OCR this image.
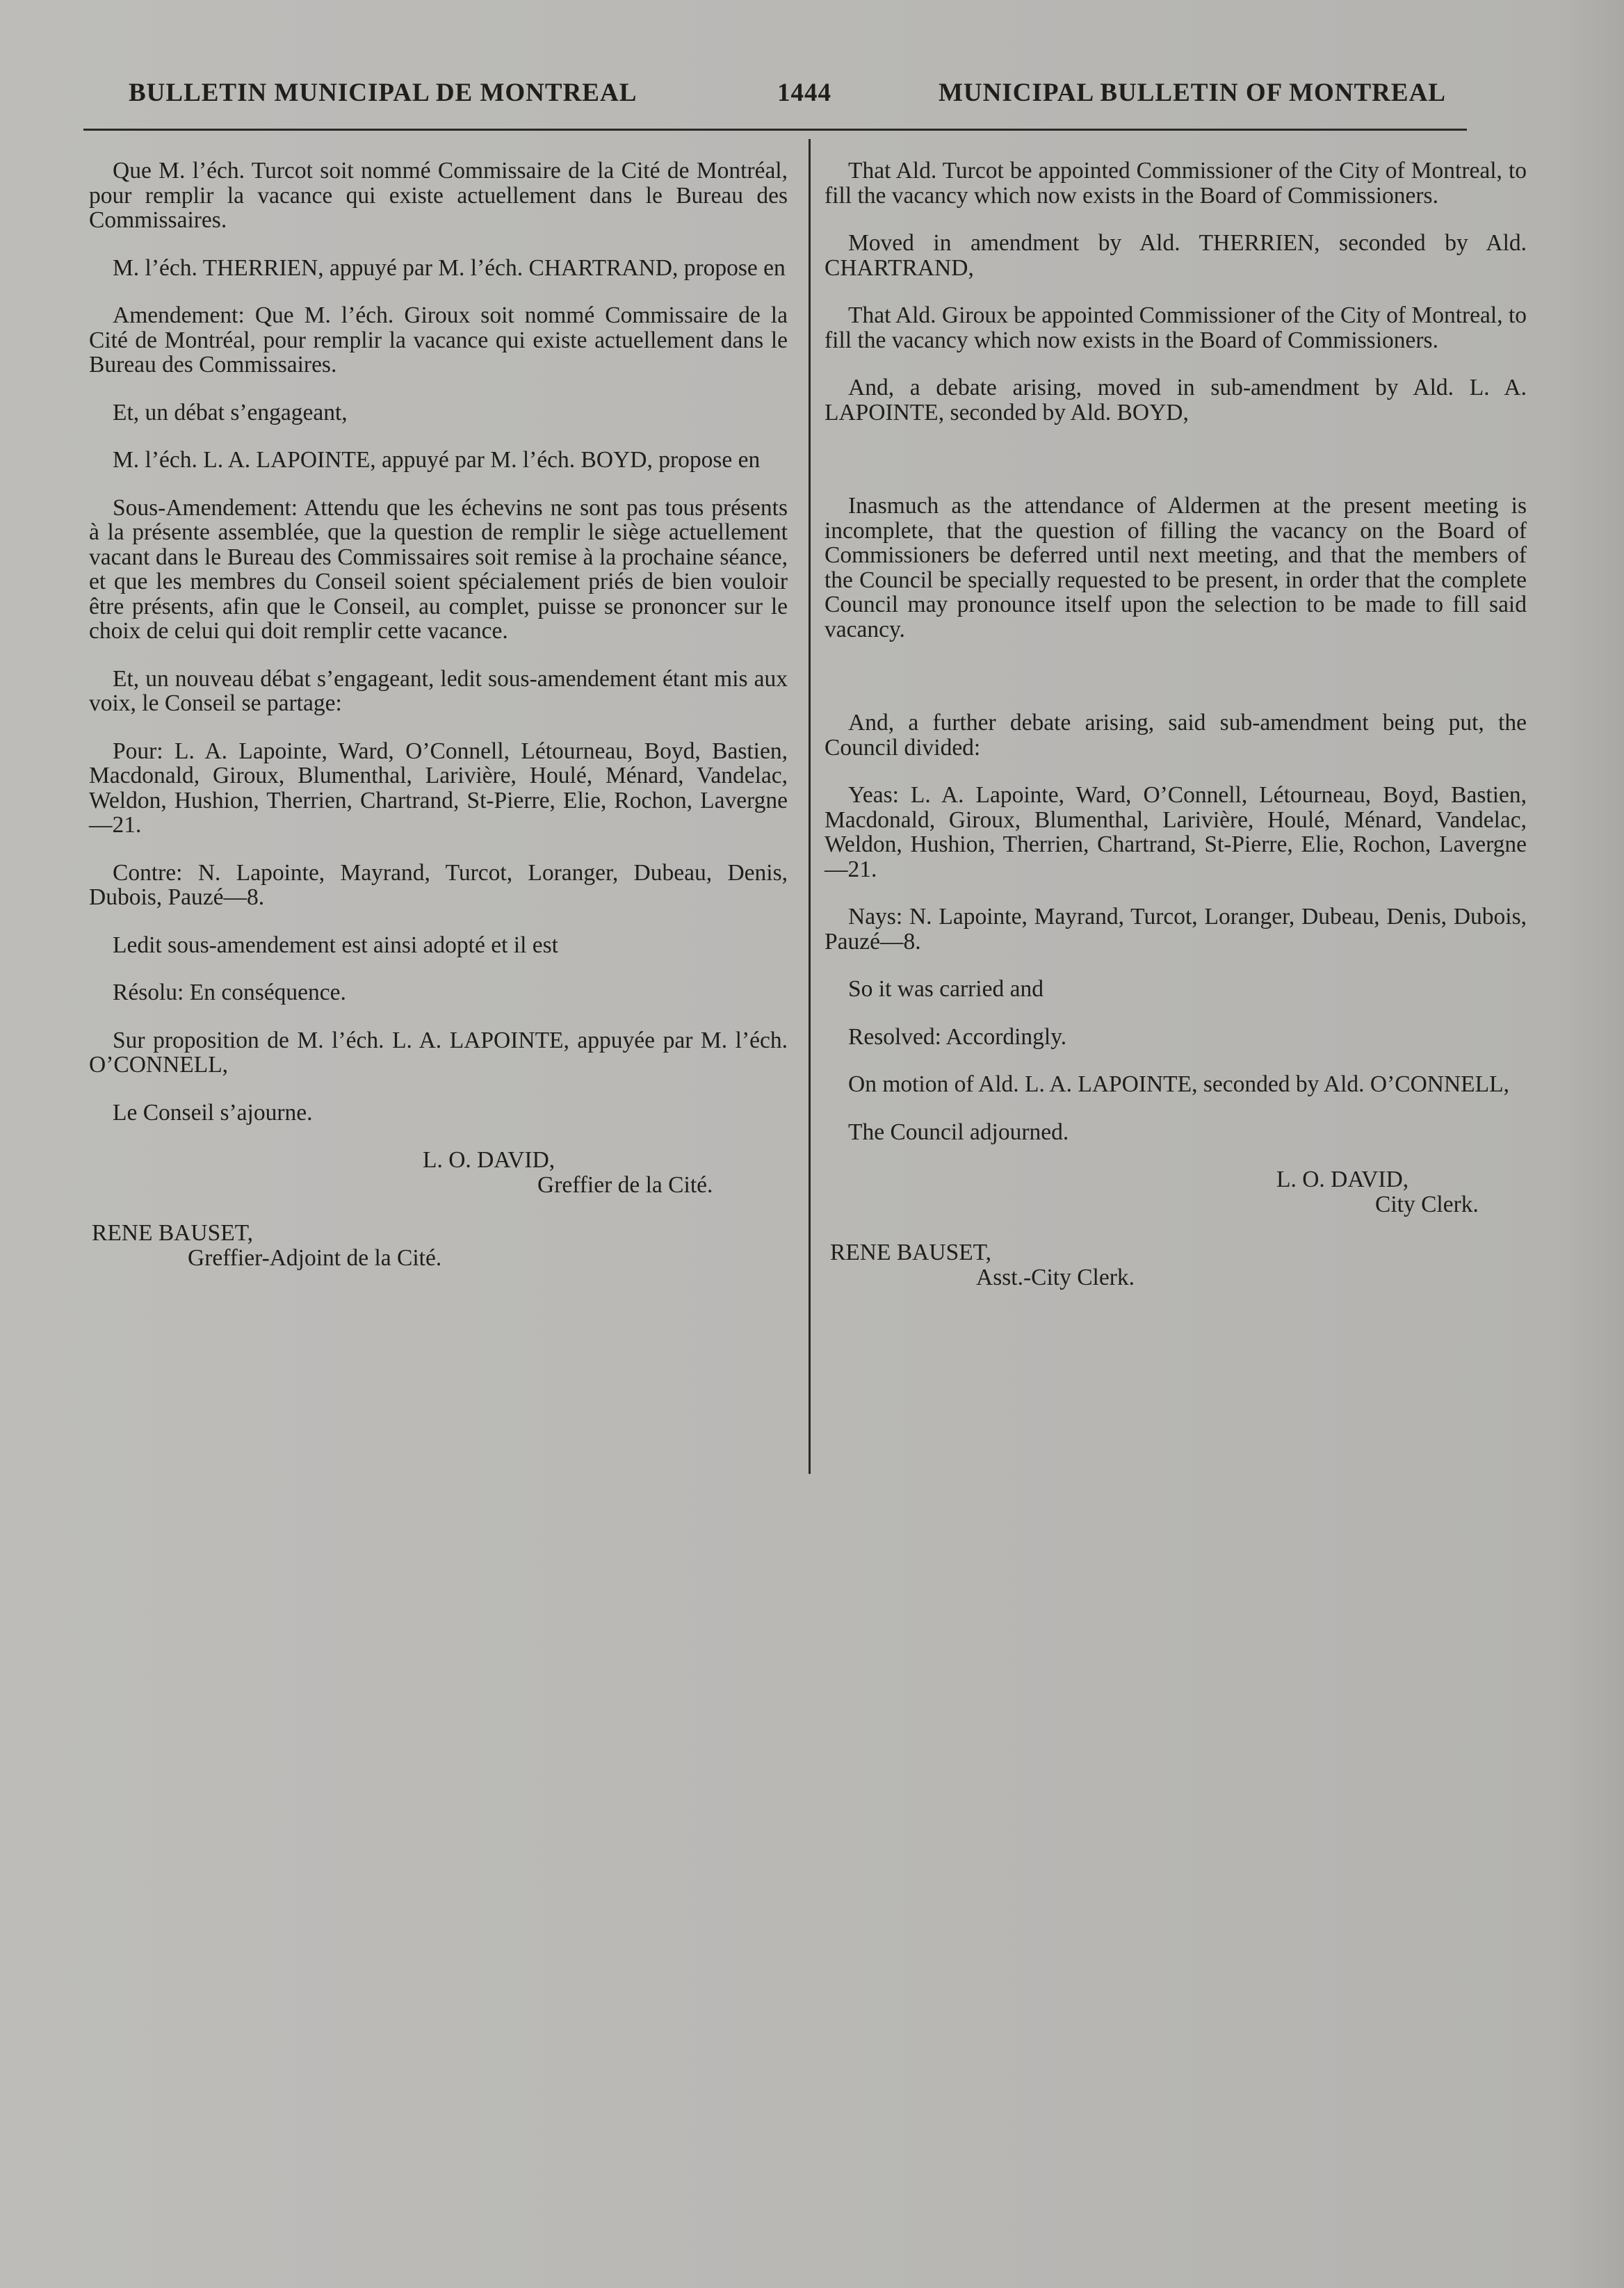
BULLETIN MUNICIPAL DE MONTREAL	1444	MUNICIPAL BULLETIN OF MONTREAL

Que M. l’éch. Turcot soit nommé Commissaire de la Cité de Montréal, pour remplir la vacance qui existe actuellement dans le Bureau des Commissaires.

M. l’éch. THERRIEN, appuyé par M. l’éch. CHARTRAND, propose en

Amendement: Que M. l’éch. Giroux soit nommé Commissaire de la Cité de Montréal, pour remplir la vacance qui existe actuellement dans le Bureau des Commissaires.

Et, un débat s’engageant,

M. l’éch. L. A. LAPOINTE, appuyé par M. l’éch. BOYD, propose en

Sous-Amendement: Attendu que les échevins ne sont pas tous présents à la présente assemblée, que la question de remplir le siège actuellement vacant dans le Bureau des Commissaires soit remise à la prochaine séance, et que les membres du Conseil soient spécialement priés de bien vouloir être présents, afin que le Conseil, au complet, puisse se prononcer sur le choix de celui qui doit remplir cette vacance.

Et, un nouveau débat s’engageant, ledit sous-amendement étant mis aux voix, le Conseil se partage:

Pour: L. A. Lapointe, Ward, O’Connell, Létourneau, Boyd, Bastien, Macdonald, Giroux, Blumenthal, Larivière, Houlé, Ménard, Vandelac, Weldon, Hushion, Therrien, Chartrand, St-Pierre, Elie, Rochon, Lavergne—21.

Contre: N. Lapointe, Mayrand, Turcot, Loranger, Dubeau, Denis, Dubois, Pauzé—8.

Ledit sous-amendement est ainsi adopté et il est

Résolu: En conséquence.

Sur proposition de M. l’éch. L. A. LAPOINTE, appuyée par M. l’éch. O’CONNELL,

Le Conseil s’ajourne.

L. O. DAVID,

Greffier de la Cité.

RENE BAUSET,

Greffier-Adjoint de la Cité.

That Ald. Turcot be appointed Commissioner of the City of Montreal, to fill the vacancy which now exists in the Board of Commissioners.

Moved in amendment by Ald. THERRIEN, seconded by Ald. CHARTRAND,

That Ald. Giroux be appointed Commissioner of the City of Montreal, to fill the vacancy which now exists in the Board of Commissioners.

And, a debate arising, moved in sub-amendment by Ald. L. A. LAPOINTE, seconded by Ald. BOYD,

Inasmuch as the attendance of Aldermen at the present meeting is incomplete, that the question of filling the vacancy on the Board of Commissioners be deferred until next meeting, and that the members of the Council be specially requested to be present, in order that the complete Council may pronounce itself upon the selection to be made to fill said vacancy.

And, a further debate arising, said sub-amendment being put, the Council divided:

Yeas: L. A. Lapointe, Ward, O’Connell, Létourneau, Boyd, Bastien, Macdonald, Giroux, Blumenthal, Larivière, Houlé, Ménard, Vandelac, Weldon, Hushion, Therrien, Chartrand, St-Pierre, Elie, Rochon, Lavergne—21.

Nays: N. Lapointe, Mayrand, Turcot, Loranger, Dubeau, Denis, Dubois, Pauzé—8.

So it was carried and

Resolved: Accordingly.

On motion of Ald. L. A. LAPOINTE, seconded by Ald. O’CONNELL,

The Council adjourned.

L. O. DAVID,

City Clerk.

RENE BAUSET,

Asst.-City Clerk.
